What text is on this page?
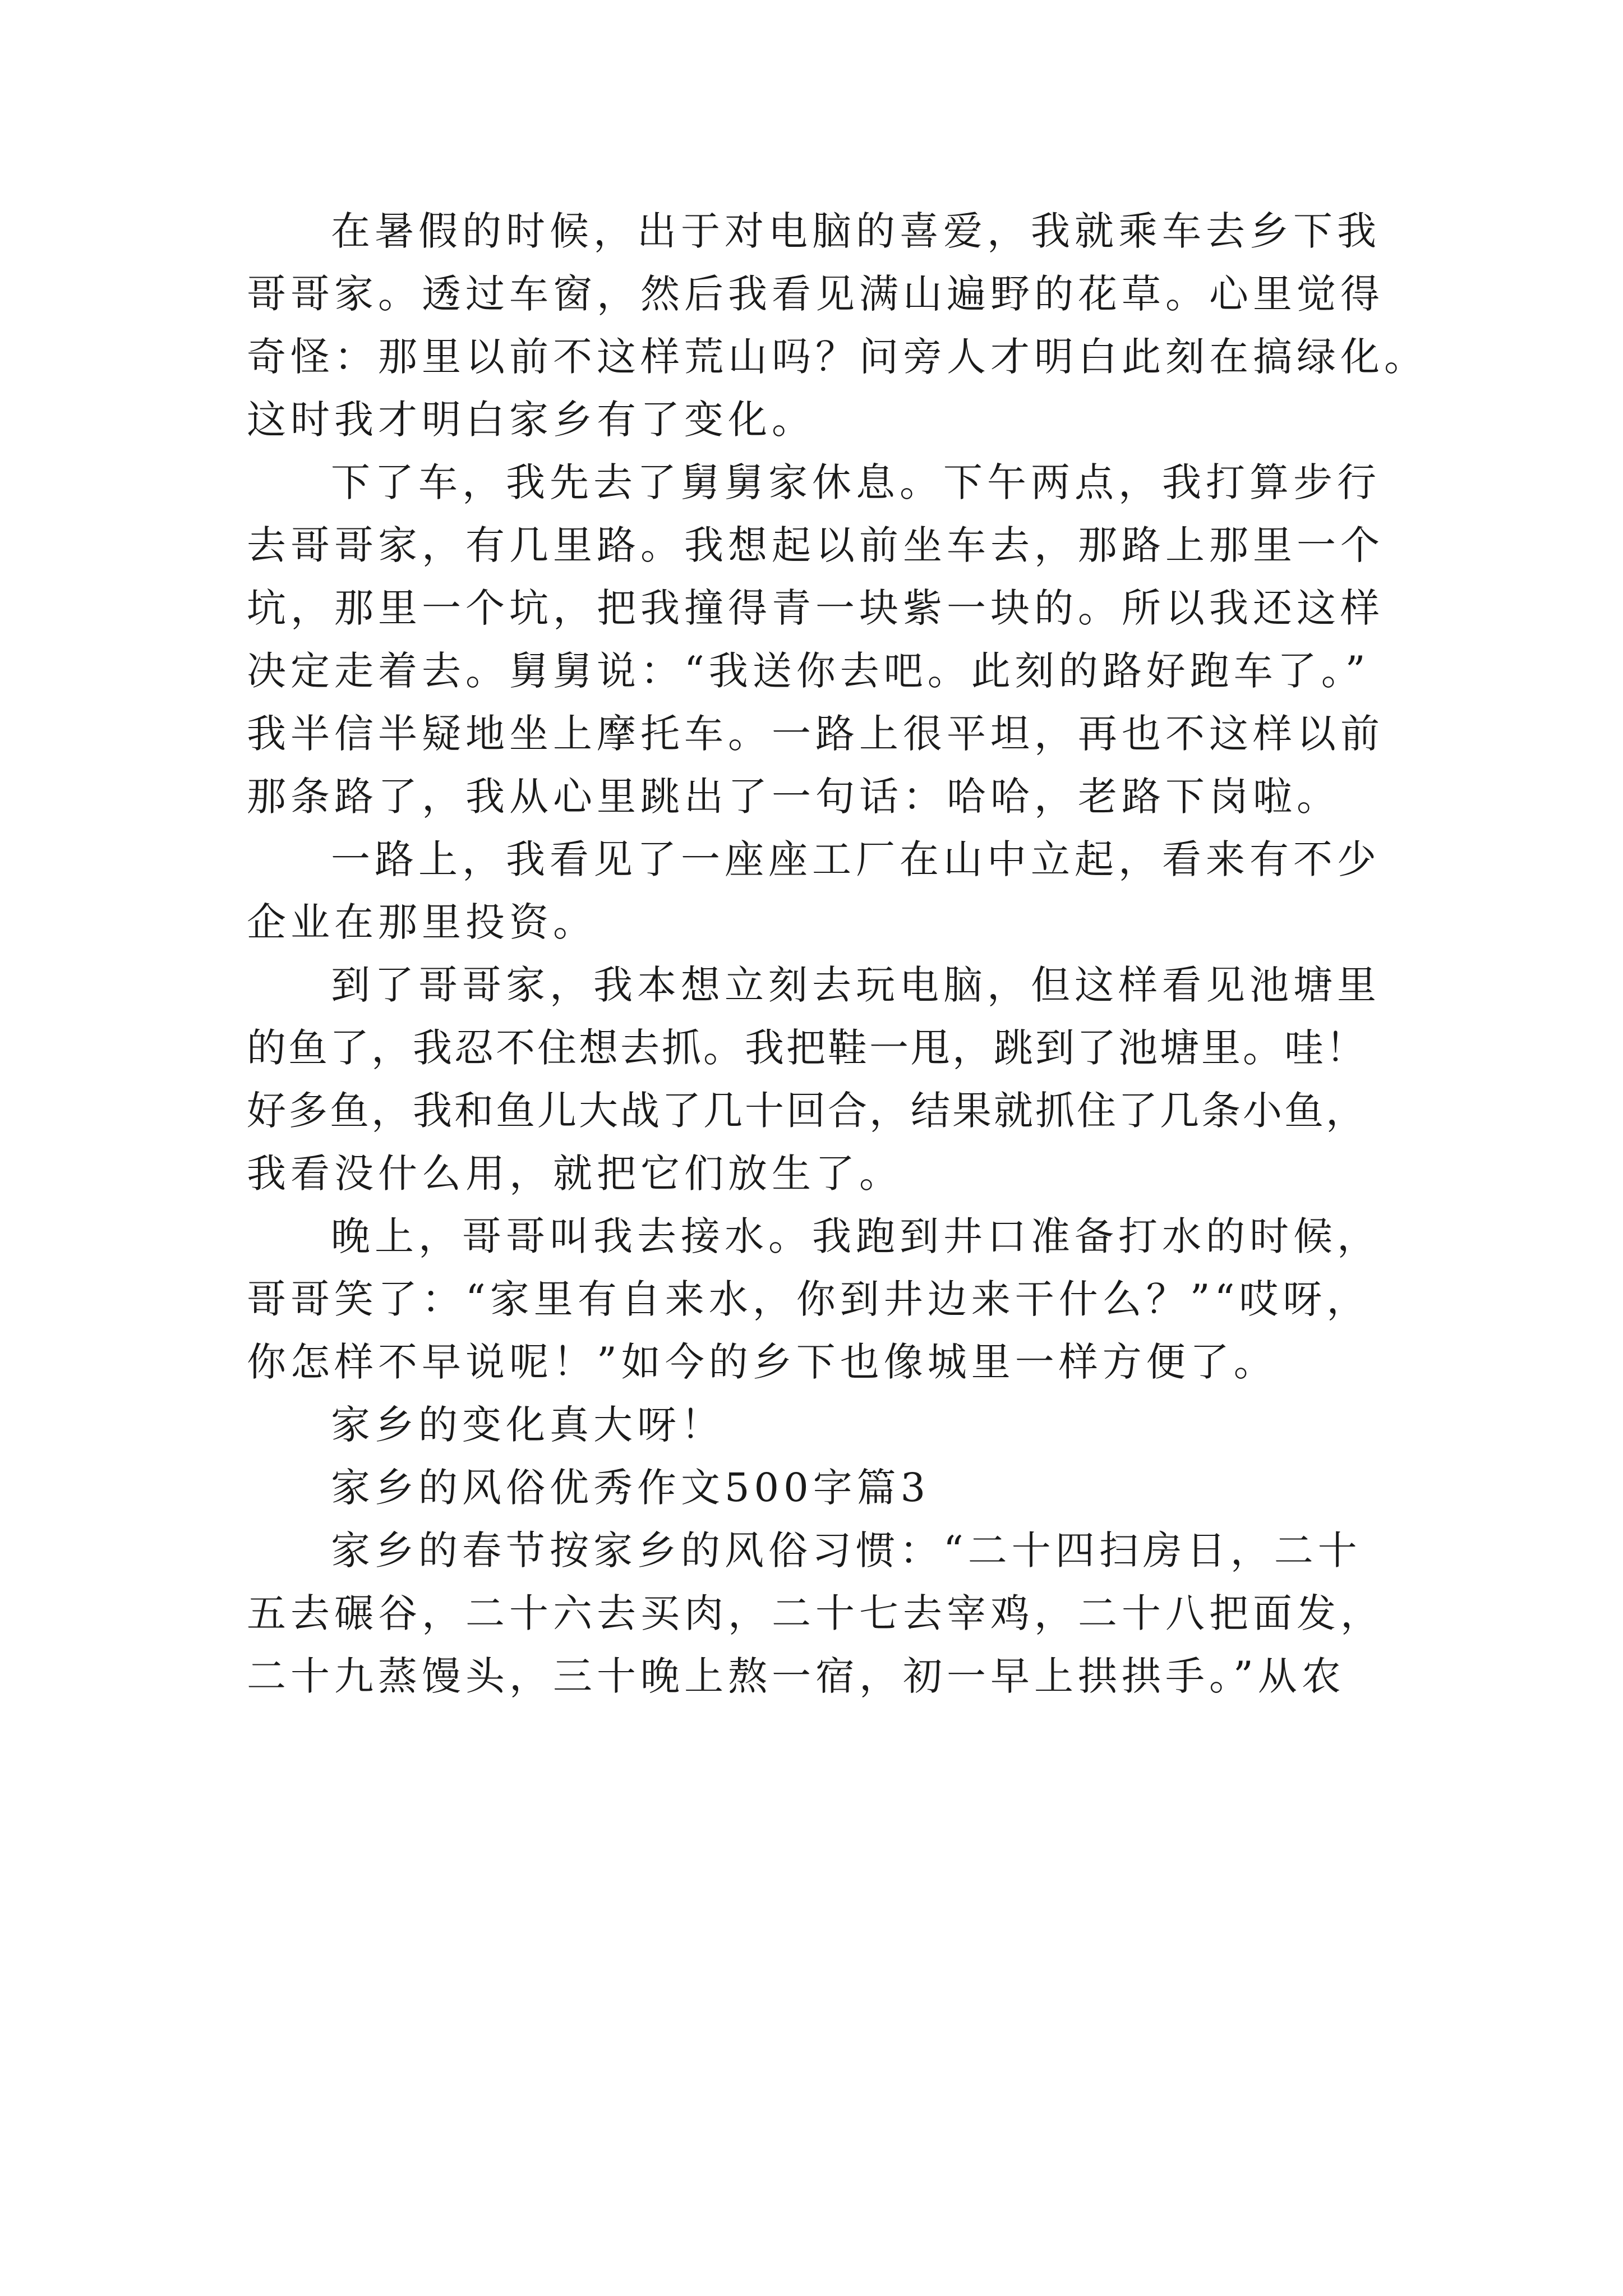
在暑假的时候，出于对电脑的喜爱，我就乘车去乡下我
哥哥家。透过车窗，然后我看见满山遍野的花草。心里觉得
奇怪：那里以前不这样荒山吗？问旁人才明白此刻在搞绿化。
这时我才明白家乡有了变化。
下了车，我先去了舅舅家休息。下午两点，我打算步行
去哥哥家，有几里路。我想起以前坐车去，那路上那里一个
坑，那里一个坑，把我撞得青一块紫一块的。所以我还这样
决定走着去。舅舅说：“我送你去吧。此刻的路好跑车了。”
我半信半疑地坐上摩托车。一路上很平坦，再也不这样以前
那条路了，我从心里跳出了一句话：哈哈，老路下岗啦。
一路上，我看见了一座座工厂在山中立起，看来有不少
企业在那里投资。
到了哥哥家，我本想立刻去玩电脑，但这样看见池塘里
的鱼了，我忍不住想去抓。我把鞋一甩，跳到了池塘里。哇！
好多鱼，我和鱼儿大战了几十回合，结果就抓住了几条小鱼，
我看没什么用，就把它们放生了。
晚上，哥哥叫我去接水。我跑到井口准备打水的时候，
哥哥笑了：“家里有自来水，你到井边来干什么？”“哎呀，
你怎样不早说呢！”如今的乡下也像城里一样方便了。
家乡的变化真大呀！
家乡的风俗优秀作文500字篇3
家乡的春节按家乡的风俗习惯：“二十四扫房日，二十
五去碾谷，二十六去买肉，二十七去宰鸡，二十八把面发，
二十九蒸馒头，三十晚上熬一宿，初一早上拱拱手。”从农
